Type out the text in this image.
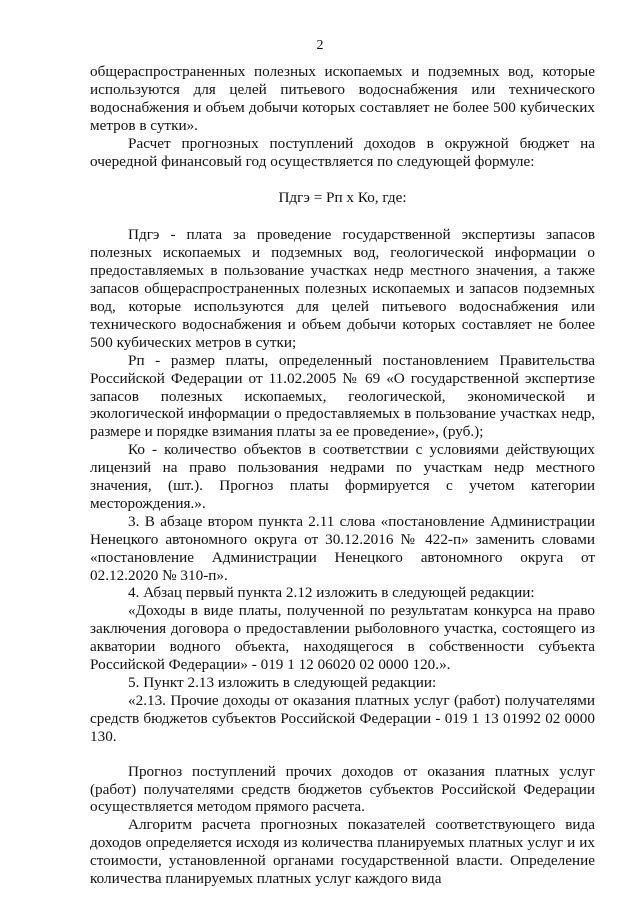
2

общераспространенных полезных ископаемых и подземных вод, которые используются для целей питьевого водоснабжения или технического водоснабжения и объем добычи которых составляет не более 500 кубических метров в сутки».

Расчет прогнозных поступлений доходов в окружной бюджет на очередной финансовый год осуществляется по следующей формуле:

Пдгэ = Рп х Ко, где:

Пдгэ - плата за проведение государственной экспертизы запасов полезных ископаемых и подземных вод, геологической информации о предоставляемых в пользование участках недр местного значения, а также запасов общераспространенных полезных ископаемых и запасов подземных вод, которые используются для целей питьевого водоснабжения или технического водоснабжения и объем добычи которых составляет не более 500 кубических метров в сутки;

Рп - размер платы, определенный постановлением Правительства Российской Федерации от 11.02.2005 № 69 «О государственной экспертизе запасов полезных ископаемых, геологической, экономической и экологической информации о предоставляемых в пользование участках недр, размере и порядке взимания платы за ее проведение», (руб.);

Ко - количество объектов в соответствии с условиями действующих лицензий на право пользования недрами по участкам недр местного значения, (шт.). Прогноз платы формируется с учетом категории месторождения.».

3. В абзаце втором пункта 2.11 слова «постановление Администрации Ненецкого автономного округа от 30.12.2016 № 422-п» заменить словами «постановление Администрации Ненецкого автономного округа от 02.12.2020 № 310-п».

4. Абзац первый пункта 2.12 изложить в следующей редакции:

«Доходы в виде платы, полученной по результатам конкурса на право заключения договора о предоставлении рыболовного участка, состоящего из акватории водного объекта, находящегося в собственности субъекта Российской Федерации» - 019 1 12 06020 02 0000 120.».

5. Пункт 2.13 изложить в следующей редакции:

«2.13. Прочие доходы от оказания платных услуг (работ) получателями средств бюджетов субъектов Российской Федерации - 019 1 13 01992 02 0000 130.

Прогноз поступлений прочих доходов от оказания платных услуг (работ) получателями средств бюджетов субъектов Российской Федерации осуществляется методом прямого расчета.

Алгоритм расчета прогнозных показателей соответствующего вида доходов определяется исходя из количества планируемых платных услуг и их стоимости, установленной органами государственной власти. Определение количества планируемых платных услуг каждого вида
